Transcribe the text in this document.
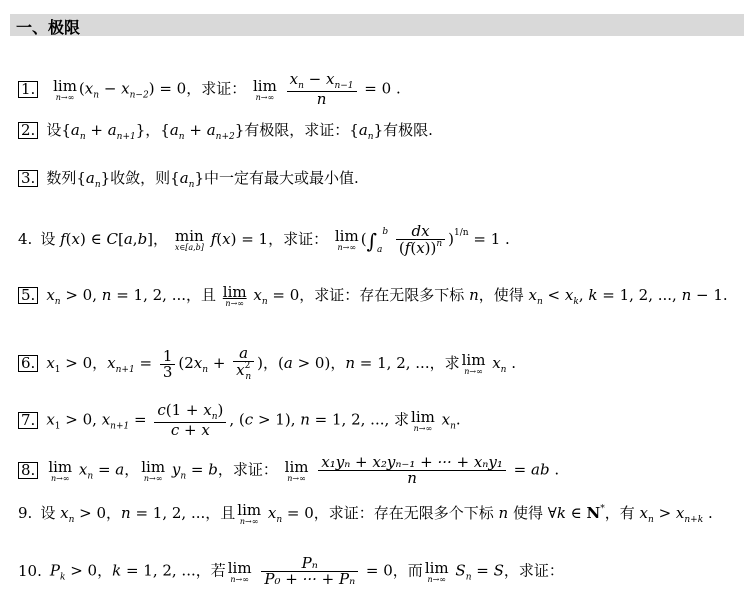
一、极限
1. lim
n→∞ $(x_n - x_{n-2}) = 0$，求证： lim
n→∞
$\frac{x_n - x_{n-1}}{n} = 0$ .
2. 设$\{a_n + a_{n+1}\}$，$\{a_n + a_{n+2}\}$有极限，求证：$\{a_n\}$有极限.
3. 数列$\{a_n\}$收敛，则$\{a_n\}$中一定有最大或最小值.
4. 设 f(x) ∈ C[a,b]， min
x∈[a,b] f(x) = 1，求证： lim
n→∞ $(\int_a^b \frac{dx}{(f(x))^n} )^{1/n} = 1$ .
5. $x_n > 0$, n = 1, 2, ...，且 lim
n→∞ $x_n = 0$，求证：存在无限多下标 n，使得 $x_n < x_k$, k = 1, 2, ..., n − 1.
6. $x_1 > 0$，$x_{n+1} = \frac{1}{3} (2x_n + \frac{a}{x^2_n}$ )，(a > 0)，n = 1, 2, ...，求 lim
n→∞ $x_n$ .
7. $x_1 > 0$, $x_{n+1} = \frac{c(1 + x_n)}{c + x}$ , (c > 1), n = 1, 2, ..., 求 lim
n→∞ $x_n$.
8. lim
n→∞ $x_n = a$， lim
n→∞ $y_n = b$，求证： lim
n→∞
$\frac{\text{x₁yₙ + x₂yₙ₋₁ + ··· + xₙy₁}}{n}$ = ab .
9. 设 $x_n > 0$，n = 1, 2, ...，且 lim
n→∞ $x_n = 0$，求证：存在无限多个下标 n 使得 ∀k ∈ N*，有 $x_n > x_{n+k}$ .
10. $P_k > 0$，k = 1, 2, ...，若 lim
n→∞
$\frac{\text{Pₙ}}{\text{P₀ + ··· + Pₙ}} = 0$，而 lim
n→∞ $S_n = S$，求证：
